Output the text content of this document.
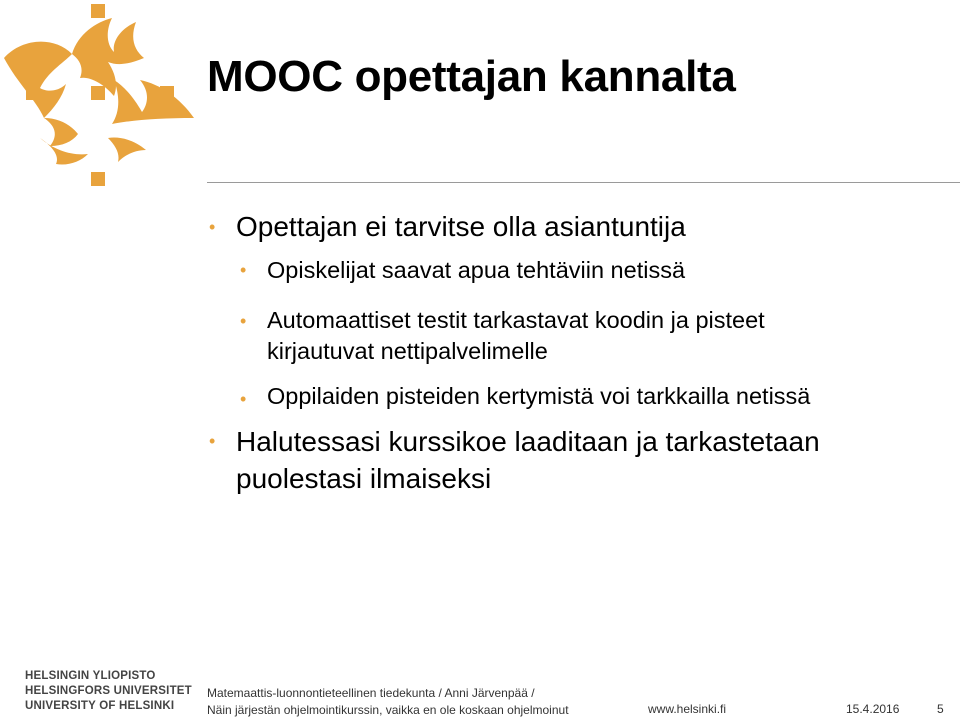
MOOC opettajan kannalta
• Opettajan ei tarvitse olla asiantuntija
• Opiskelijat saavat apua tehtäviin netissä
• Automaattiset testit tarkastavat koodin ja pisteet
kirjautuvat nettipalvelimelle
• Oppilaiden pisteiden kertymistä voi tarkkailla netissä
• Halutessasi kurssikoe laaditaan ja tarkastetaan
puolestasi ilmaiseksi
HELSINGIN YLIOPISTO
HELSINGFORS UNIVERSITET
UNIVERSITY OF HELSINKI
Matemaattis-luonnontieteellinen tiedekunta / Anni Järvenpää /
Näin järjestän ohjelmointikurssin, vaikka en ole koskaan ohjelmoinut	www.helsinki.fi	15.4.2016	5
